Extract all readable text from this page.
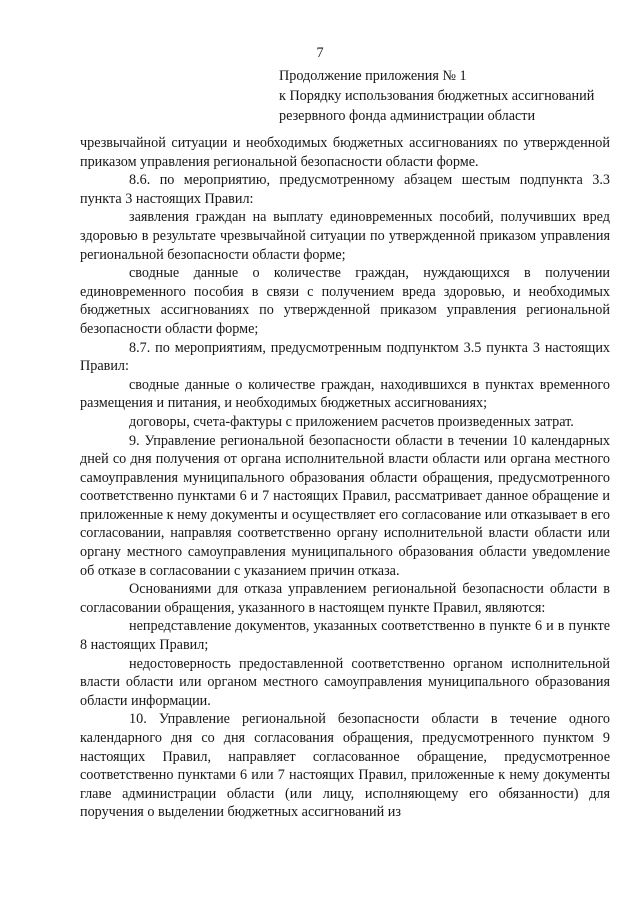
7
Продолжение приложения № 1
к Порядку использования бюджетных ассигнований
резервного фонда администрации области

чрезвычайной ситуации и необходимых бюджетных ассигнованиях по утвержденной приказом управления региональной безопасности области форме.

8.6. по мероприятию, предусмотренному абзацем шестым подпункта 3.3 пункта 3 настоящих Правил:

заявления граждан на выплату единовременных пособий, получивших вред здоровью в результате чрезвычайной ситуации по утвержденной приказом управления региональной безопасности области форме;

сводные данные о количестве граждан, нуждающихся в получении единовременного пособия в связи с получением вреда здоровью, и необходимых бюджетных ассигнованиях по утвержденной приказом управления региональной безопасности области форме;

8.7. по мероприятиям, предусмотренным подпунктом 3.5 пункта 3 настоящих Правил:

сводные данные о количестве граждан, находившихся в пунктах временного размещения и питания, и необходимых бюджетных ассигнованиях;

договоры, счета-фактуры с приложением расчетов произведенных затрат.

9. Управление региональной безопасности области в течении 10 календарных дней со дня получения от органа исполнительной власти области или органа местного самоуправления муниципального образования области обращения, предусмотренного соответственно пунктами 6 и 7 настоящих Правил, рассматривает данное обращение и приложенные к нему документы и осуществляет его согласование или отказывает в его согласовании, направляя соответственно органу исполнительной власти области или органу местного самоуправления муниципального образования области уведомление об отказе в согласовании с указанием причин отказа.

Основаниями для отказа управлением региональной безопасности области в согласовании обращения, указанного в настоящем пункте Правил, являются:

непредставление документов, указанных соответственно в пункте 6 и в пункте 8 настоящих Правил;

недостоверность предоставленной соответственно органом исполнительной власти области или органом местного самоуправления муниципального образования области информации.

10. Управление региональной безопасности области в течение одного календарного дня со дня согласования обращения, предусмотренного пунктом 9 настоящих Правил, направляет согласованное обращение, предусмотренное соответственно пунктами 6 или 7 настоящих Правил, приложенные к нему документы главе администрации области (или лицу, исполняющему его обязанности) для поручения о выделении бюджетных ассигнований из
